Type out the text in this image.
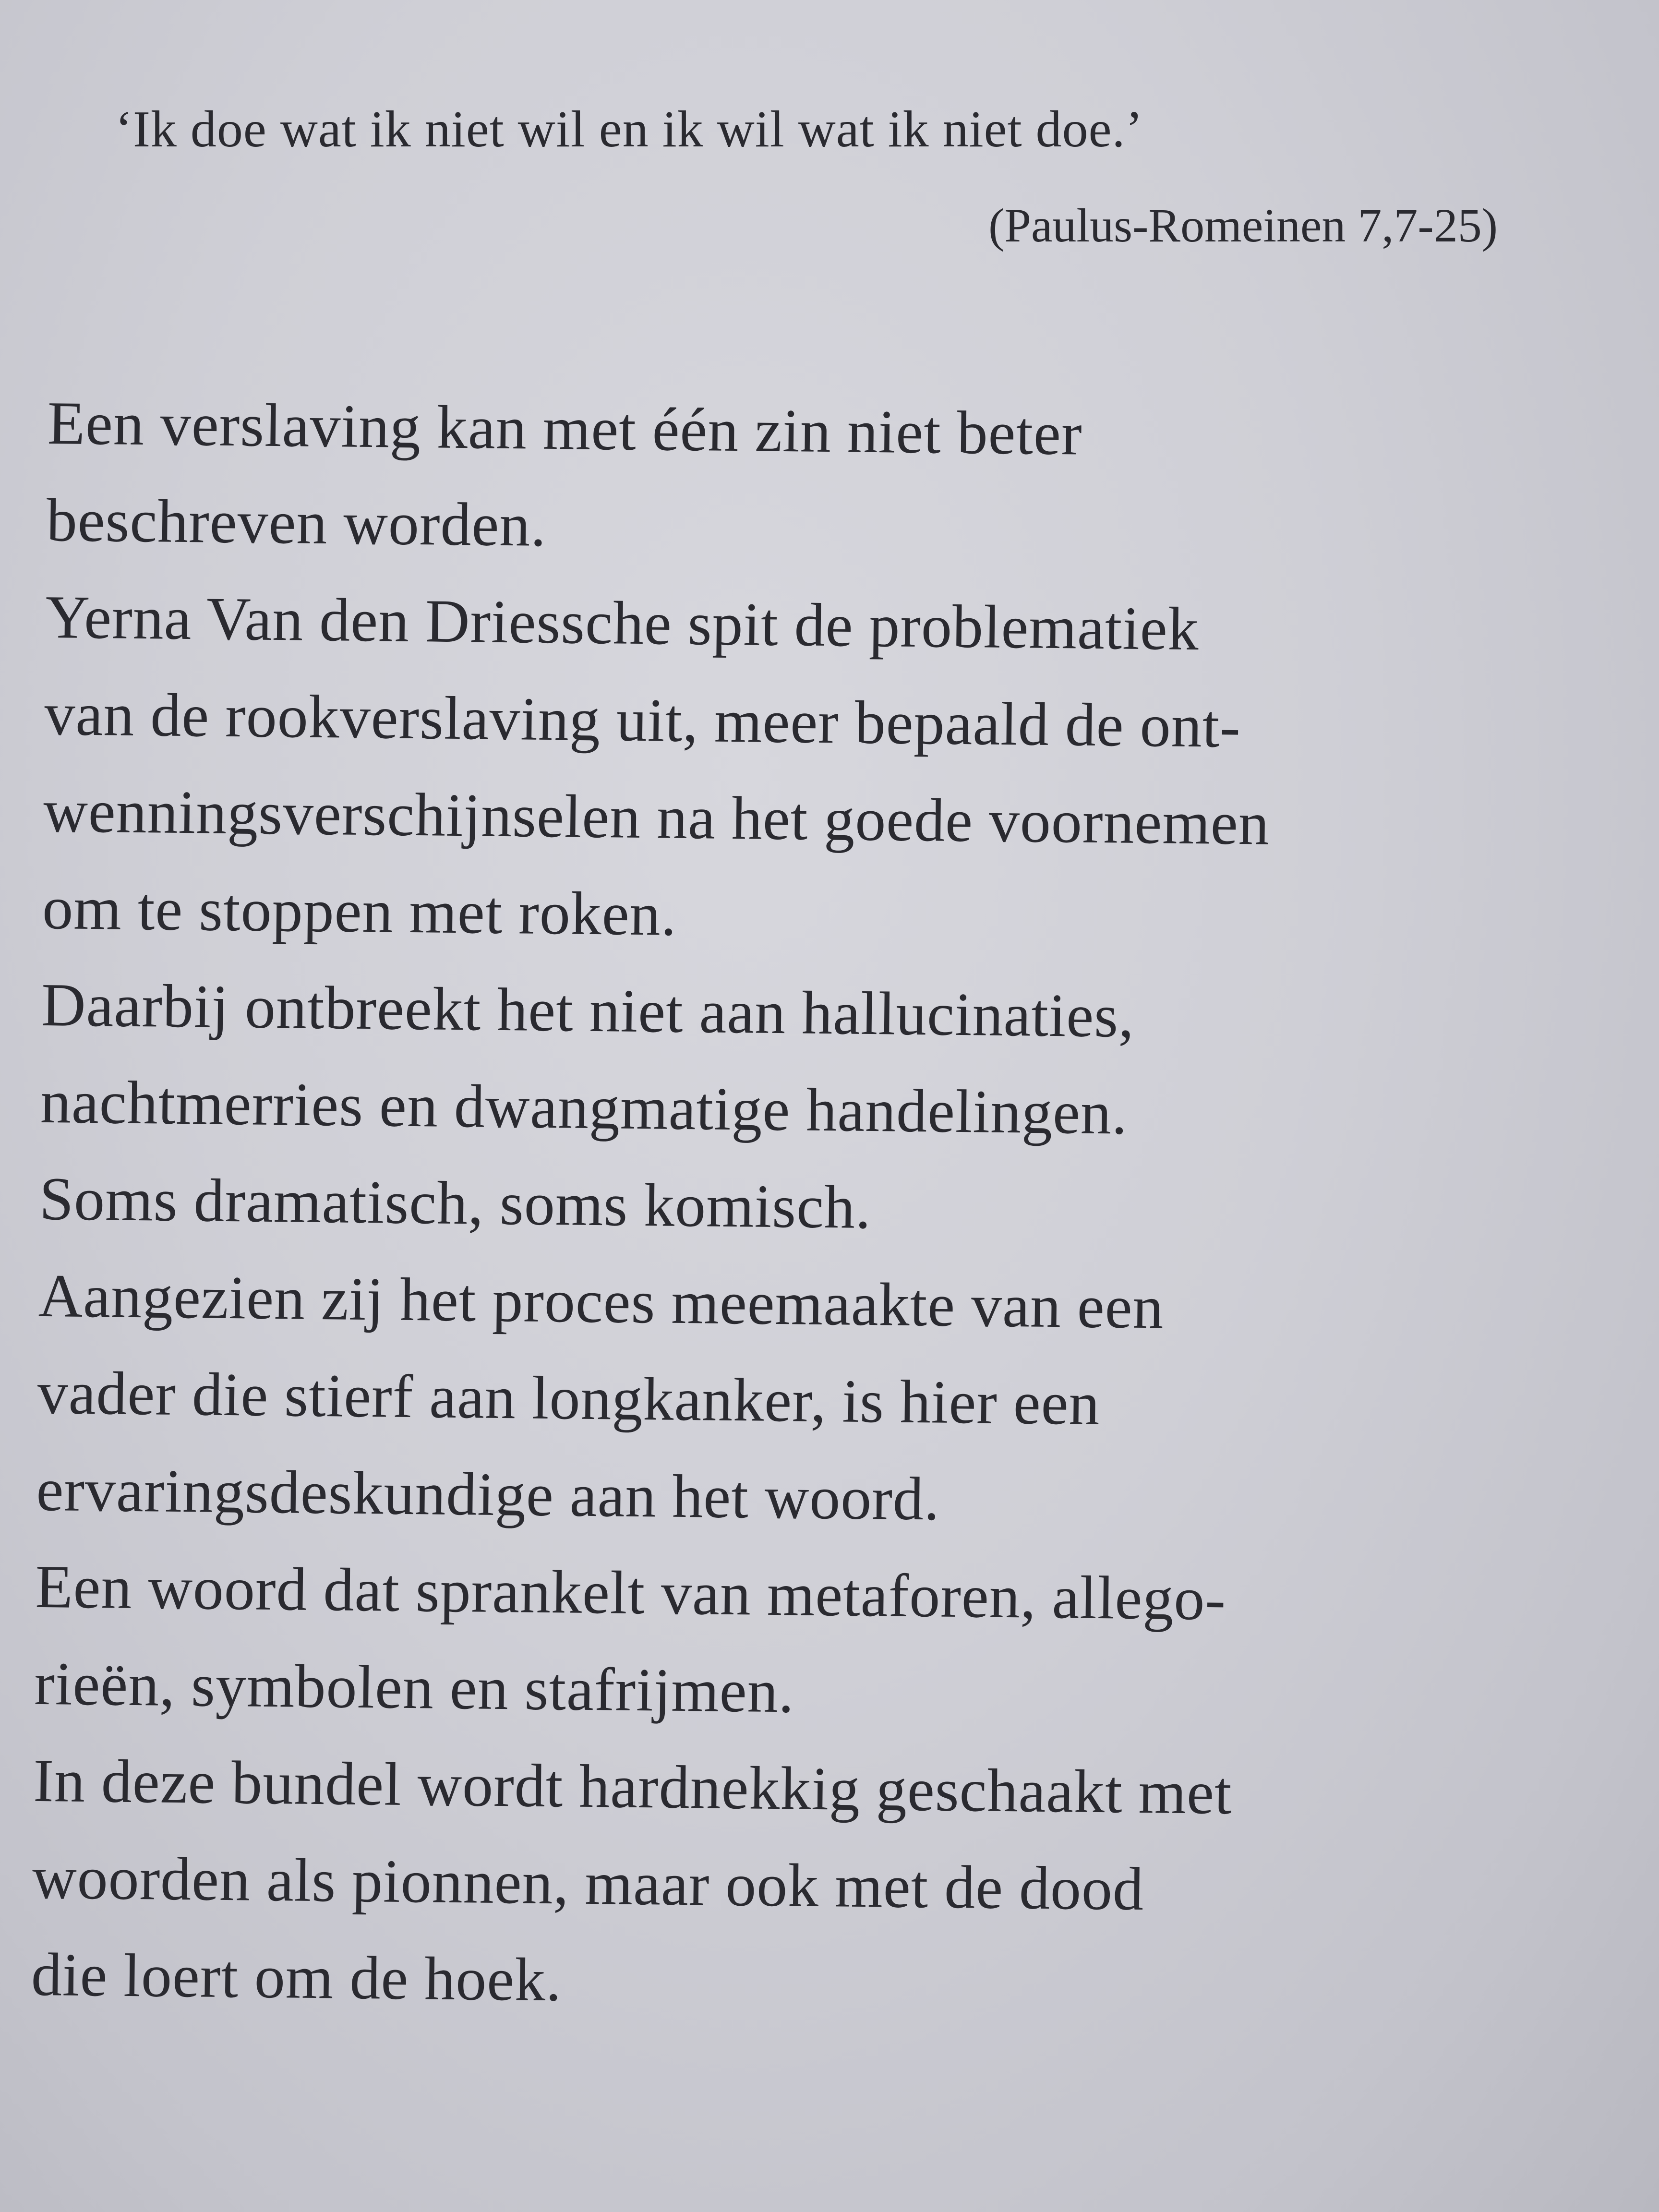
‘Ik doe wat ik niet wil en ik wil wat ik niet doe.’
(Paulus-Romeinen 7,7-25)
Een verslaving kan met één zin niet beter
beschreven worden.
Yerna Van den Driessche spit de problematiek
van de rookverslaving uit, meer bepaald de ont-
wenningsverschijnselen na het goede voornemen
om te stoppen met roken.
Daarbij ontbreekt het niet aan hallucinaties,
nachtmerries en dwangmatige handelingen.
Soms dramatisch, soms komisch.
Aangezien zij het proces meemaakte van een
vader die stierf aan longkanker, is hier een
ervaringsdeskundige aan het woord.
Een woord dat sprankelt van metaforen, allego-
rieën, symbolen en stafrijmen.
In deze bundel wordt hardnekkig geschaakt met
woorden als pionnen, maar ook met de dood
die loert om de hoek.
